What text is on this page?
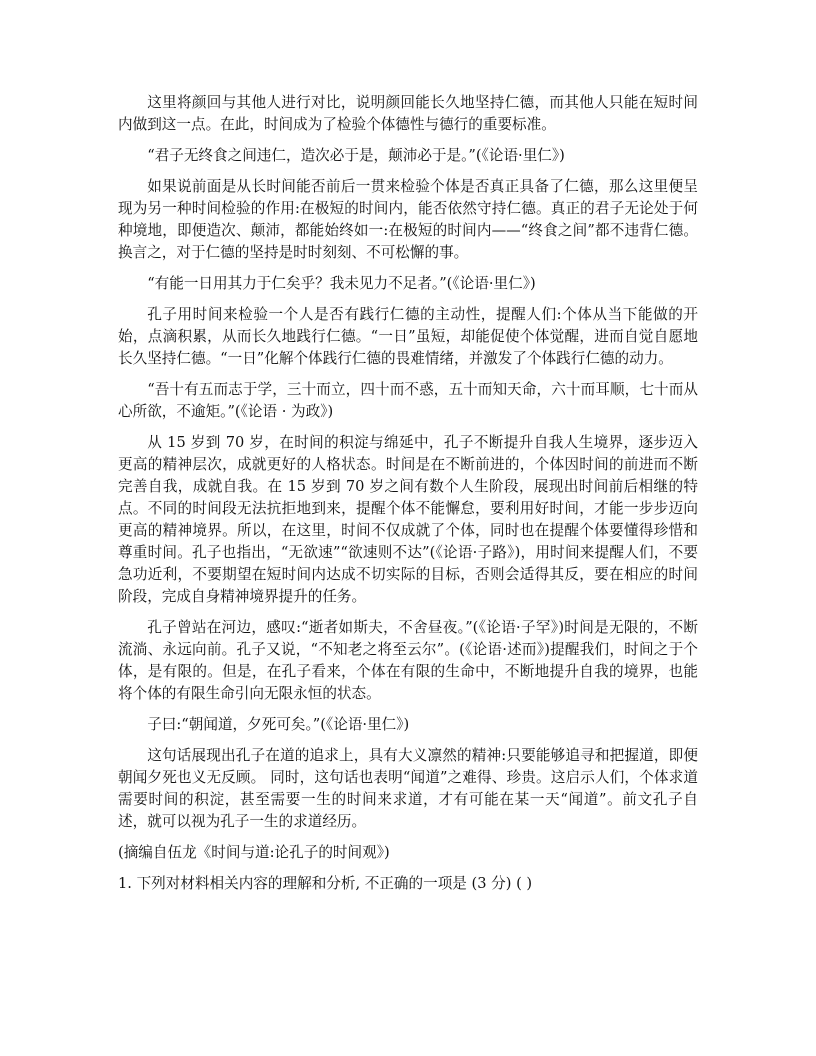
这里将颜回与其他人进行对比，说明颜回能长久地坚持仁德，而其他人只能在短时间内做到这一点。在此，时间成为了检验个体德性与德行的重要标准。

“君子无终食之间违仁，造次必于是，颠沛必于是。”(《论语·里仁》)

如果说前面是从长时间能否前后一贯来检验个体是否真正具备了仁德，那么这里便呈现为另一种时间检验的作用:在极短的时间内，能否依然守持仁德。真正的君子无论处于何种境地，即便造次、颠沛，都能始终如一:在极短的时间内——“终食之间”都不违背仁德。换言之，对于仁德的坚持是时时刻刻、不可松懈的事。

“有能一日用其力于仁矣乎？我未见力不足者。”(《论语·里仁》)

孔子用时间来检验一个人是否有践行仁德的主动性，提醒人们:个体从当下能做的开始，点滴积累，从而长久地践行仁德。“一日”虽短，却能促使个体觉醒，进而自觉自愿地长久坚持仁德。“一日”化解个体践行仁德的畏难情绪，并激发了个体践行仁德的动力。

“吾十有五而志于学，三十而立，四十而不惑，五十而知天命，六十而耳顺，七十而从心所欲，不逾矩。”(《论语 · 为政》)

从 15 岁到 70 岁，在时间的积淀与绵延中，孔子不断提升自我人生境界，逐步迈入更高的精神层次，成就更好的人格状态。时间是在不断前进的，个体因时间的前进而不断完善自我，成就自我。在 15 岁到 70 岁之间有数个人生阶段，展现出时间前后相继的特点。不同的时间段无法抗拒地到来，提醒个体不能懈怠，要利用好时间，才能一步步迈向更高的精神境界。所以，在这里，时间不仅成就了个体，同时也在提醒个体要懂得珍惜和尊重时间。孔子也指出，“无欲速”“欲速则不达”(《论语·子路》)，用时间来提醒人们，不要急功近利，不要期望在短时间内达成不切实际的目标，否则会适得其反，要在相应的时间阶段，完成自身精神境界提升的任务。

孔子曾站在河边，感叹:“逝者如斯夫，不舍昼夜。”(《论语·子罕》)时间是无限的，不断流淌、永远向前。孔子又说，“不知老之将至云尔”。(《论语·述而》)提醒我们，时间之于个体，是有限的。但是，在孔子看来，个体在有限的生命中，不断地提升自我的境界，也能将个体的有限生命引向无限永恒的状态。

子曰:“朝闻道，夕死可矣。”(《论语·里仁》)

这句话展现出孔子在道的追求上，具有大义凛然的精神:只要能够追寻和把握道，即便朝闻夕死也义无反顾。 同时，这句话也表明“闻道”之难得、珍贵。这启示人们，个体求道需要时间的积淀，甚至需要一生的时间来求道，才有可能在某一天“闻道”。前文孔子自述，就可以视为孔子一生的求道经历。

(摘编自伍龙《时间与道:论孔子的时间观》)

1. 下列对材料相关内容的理解和分析, 不正确的一项是 (3 分) ( )
